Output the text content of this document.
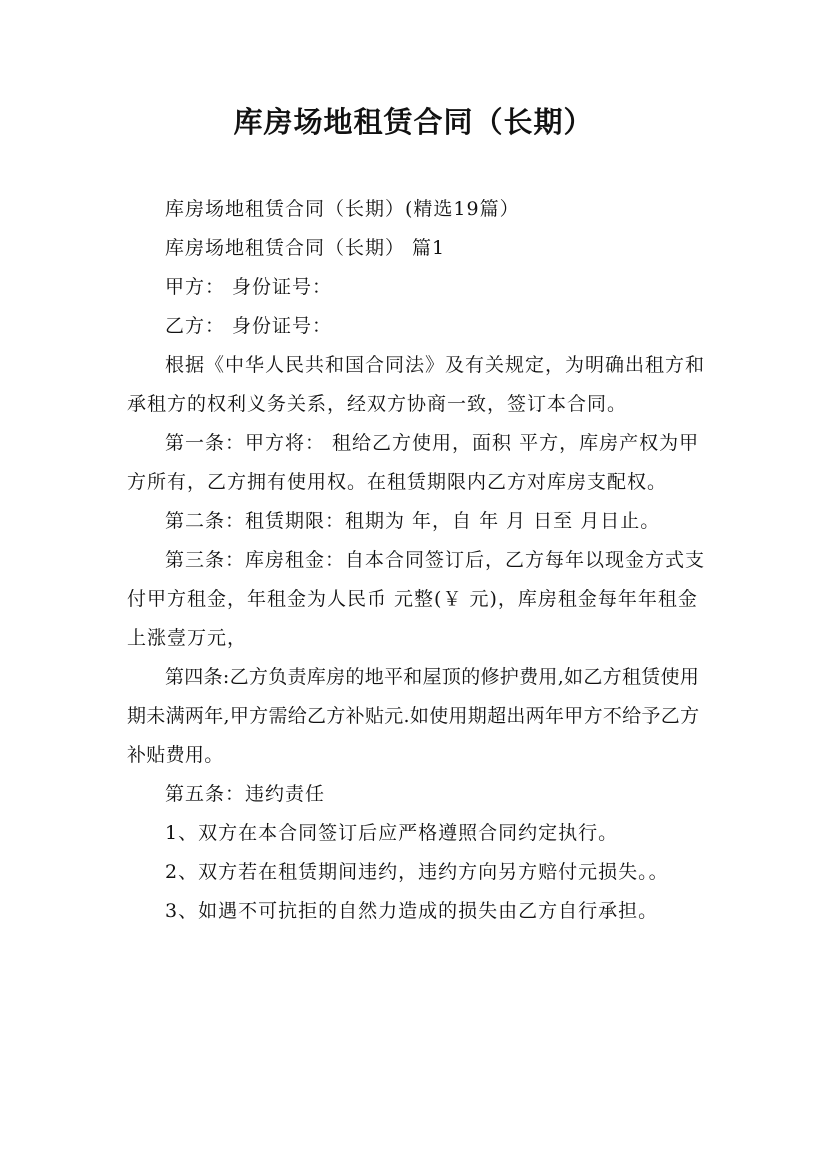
库房场地租赁合同（长期）

库房场地租赁合同（长期）(精选19篇）

库房场地租赁合同（长期） 篇1

甲方： 身份证号：

乙方： 身份证号：

根据《中华人民共和国合同法》及有关规定，为明确出租方和承租方的权利义务关系，经双方协商一致，签订本合同。

第一条：甲方将： 租给乙方使用，面积 平方，库房产权为甲方所有，乙方拥有使用权。在租赁期限内乙方对库房支配权。

第二条：租赁期限：租期为 年，自 年 月 日至 月日止。

第三条：库房租金：自本合同签订后，乙方每年以现金方式支付甲方租金，年租金为人民币 元整(￥ 元)，库房租金每年年租金上涨壹万元，

第四条:乙方负责库房的地平和屋顶的修护费用,如乙方租赁使用期未满两年,甲方需给乙方补贴元.如使用期超出两年甲方不给予乙方补贴费用。

第五条：违约责任

1、双方在本合同签订后应严格遵照合同约定执行。

2、双方若在租赁期间违约，违约方向另方赔付元损失。。

3、如遇不可抗拒的自然力造成的损失由乙方自行承担。
